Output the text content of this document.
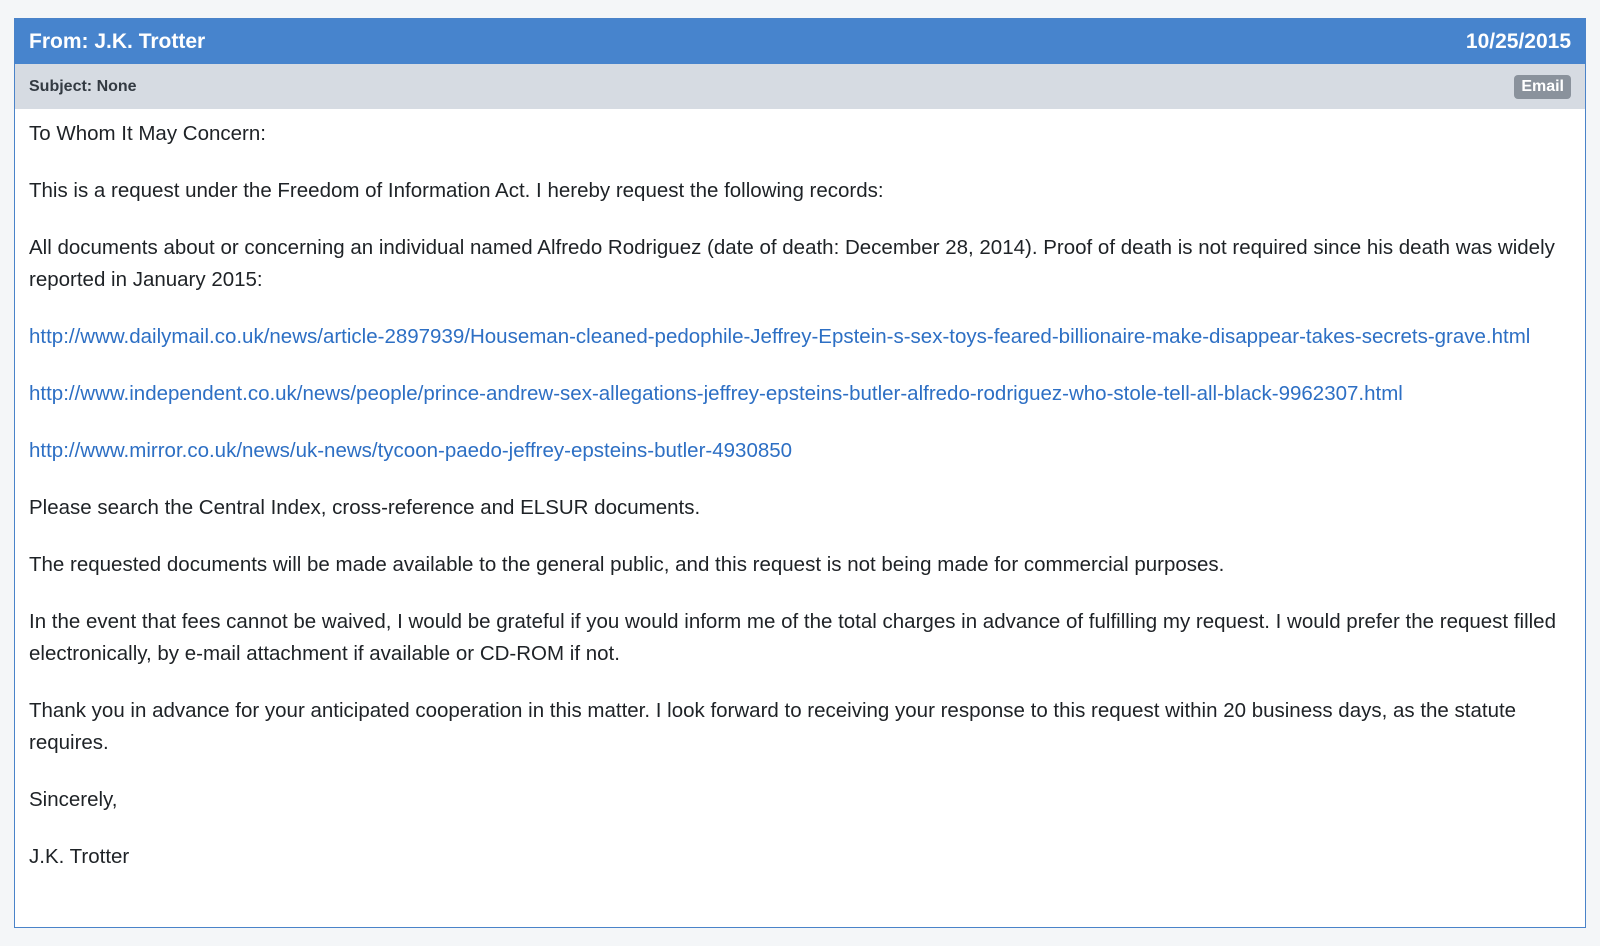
From: J.K. Trotter	10/25/2015
Subject: None	Email

To Whom It May Concern:

This is a request under the Freedom of Information Act. I hereby request the following records:

All documents about or concerning an individual named Alfredo Rodriguez (date of death: December 28, 2014). Proof of death is not required since his death was widely reported in January 2015:

http://www.dailymail.co.uk/news/article-2897939/Houseman-cleaned-pedophile-Jeffrey-Epstein-s-sex-toys-feared-billionaire-make-disappear-takes-secrets-grave.html

http://www.independent.co.uk/news/people/prince-andrew-sex-allegations-jeffrey-epsteins-butler-alfredo-rodriguez-who-stole-tell-all-black-9962307.html

http://www.mirror.co.uk/news/uk-news/tycoon-paedo-jeffrey-epsteins-butler-4930850

Please search the Central Index, cross-reference and ELSUR documents.

The requested documents will be made available to the general public, and this request is not being made for commercial purposes.

In the event that fees cannot be waived, I would be grateful if you would inform me of the total charges in advance of fulfilling my request. I would prefer the request filled electronically, by e-mail attachment if available or CD-ROM if not.

Thank you in advance for your anticipated cooperation in this matter. I look forward to receiving your response to this request within 20 business days, as the statute requires.

Sincerely,

J.K. Trotter
